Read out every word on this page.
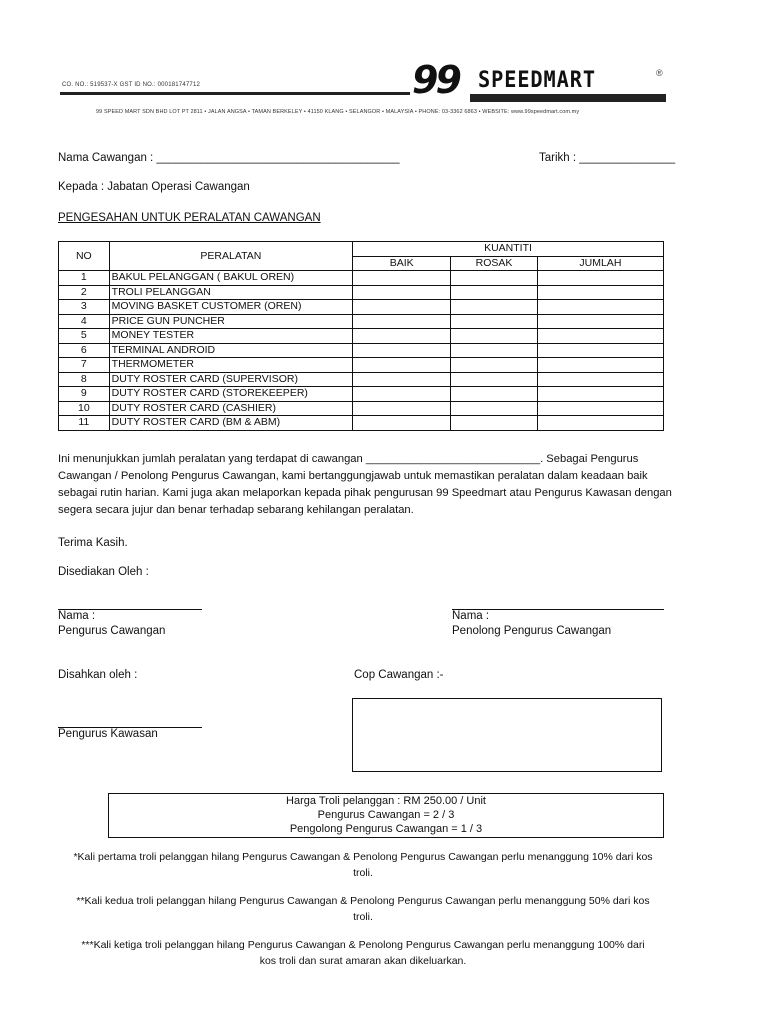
CO. NO.: 519537-X GST ID NO.: 000181747712	99 SPEEDMART	®
99 SPEED MART SDN BHD LOT PT 2811 • JALAN ANGSA • TAMAN BERKELEY • 41150 KLANG • SELANGOR • MALAYSIA • PHONE: 03-3362 6863 • WEBSITE: www.99speedmart.com.my
Nama Cawangan : ______________________________________	Tarikh : _______________
Kepada : Jabatan Operasi Cawangan
PENGESAHAN UNTUK PERALATAN CAWANGAN
NO	PERALATAN	KUANTITI		
		BAIK	ROSAK	JUMLAH
1	BAKUL PELANGGAN ( BAKUL OREN)			
2	TROLI PELANGGAN			
3	MOVING BASKET CUSTOMER (OREN)			
4	PRICE GUN PUNCHER			
5	MONEY TESTER			
6	TERMINAL ANDROID			
7	THERMOMETER			
8	DUTY ROSTER CARD (SUPERVISOR)			
9	DUTY ROSTER CARD (STOREKEEPER)			
10	DUTY ROSTER CARD (CASHIER)			
11	DUTY ROSTER CARD (BM & ABM)			
Ini menunjukkan jumlah peralatan yang terdapat di cawangan ____________________________. Sebagai Pengurus
Cawangan / Penolong Pengurus Cawangan, kami bertanggungjawab untuk memastikan peralatan dalam keadaan baik
sebagai rutin harian. Kami juga akan melaporkan kepada pihak pengurusan 99 Speedmart atau Pengurus Kawasan dengan
segera secara jujur dan benar terhadap sebarang kehilangan peralatan.
Terima Kasih.
Disediakan Oleh :
Nama :
Pengurus Cawangan
Nama :
Penolong Pengurus Cawangan
Disahkan oleh :	Cop Cawangan :-
Pengurus Kawasan
Harga Troli pelanggan : RM 250.00 / Unit
Pengurus Cawangan = 2 / 3
Pengolong Pengurus Cawangan = 1 / 3
*Kali pertama troli pelanggan hilang Pengurus Cawangan & Penolong Pengurus Cawangan perlu menanggung 10% dari kos
troli.
**Kali kedua troli pelanggan hilang Pengurus Cawangan & Penolong Pengurus Cawangan perlu menanggung 50% dari kos
troli.
***Kali ketiga troli pelanggan hilang Pengurus Cawangan & Penolong Pengurus Cawangan perlu menanggung 100% dari
kos troli dan surat amaran akan dikeluarkan.
